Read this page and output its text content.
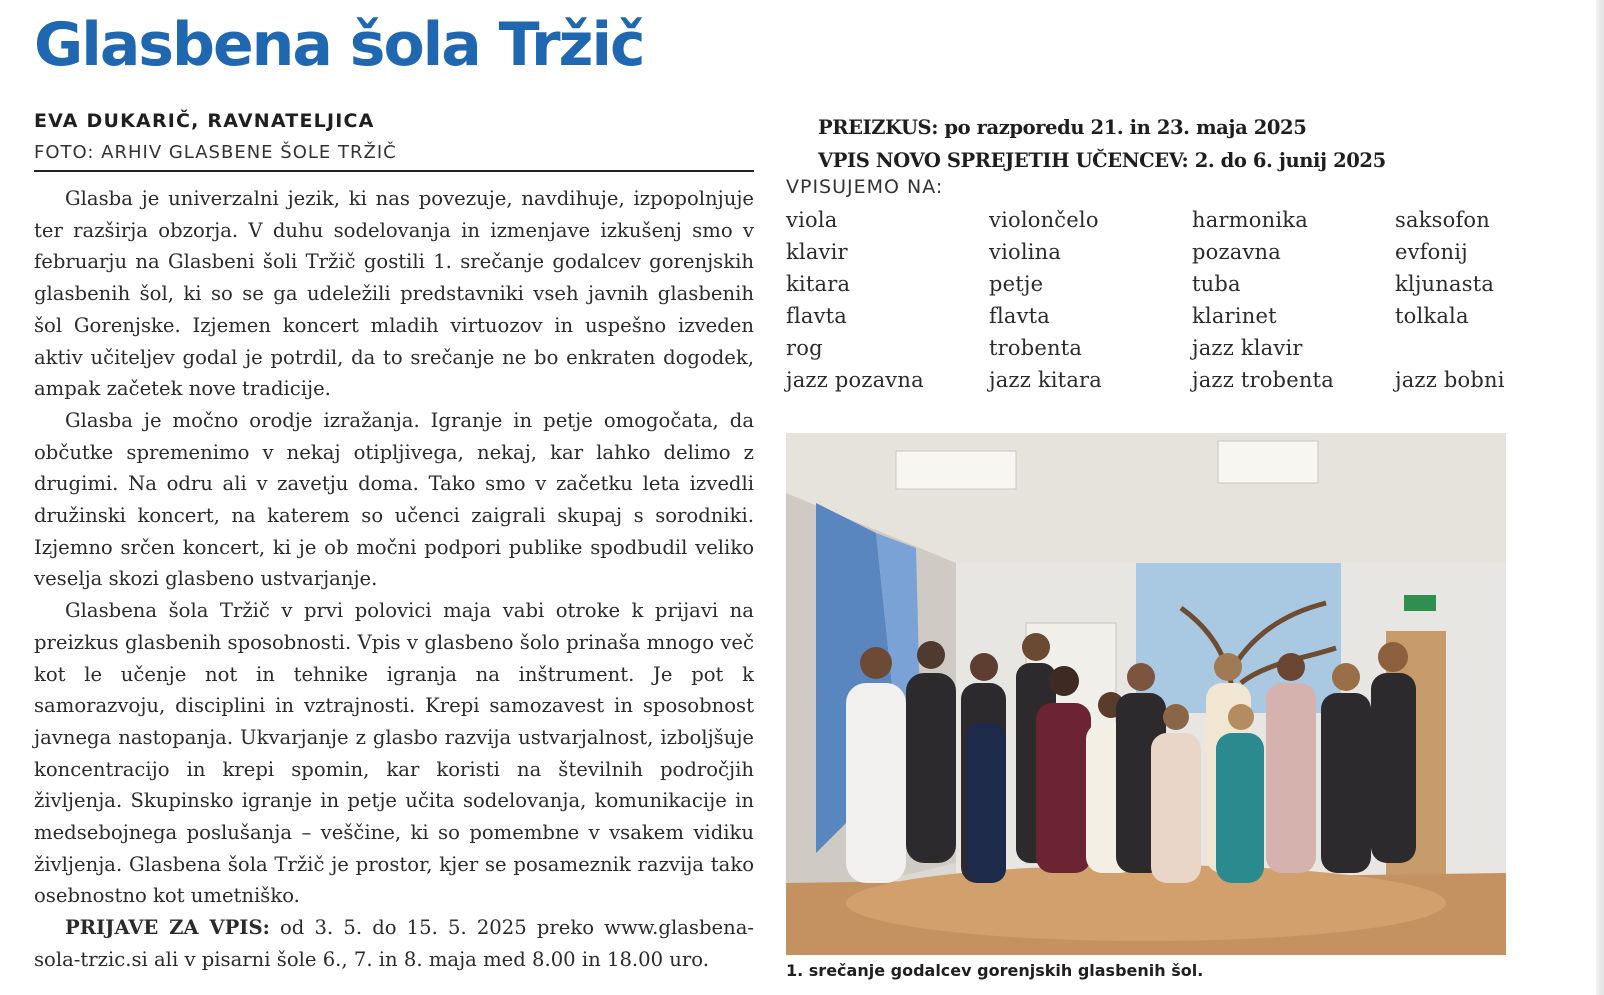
Glasbena šola Tržič
EVA DUKARIČ, RAVNATELJICA
FOTO: ARHIV GLASBENE ŠOLE TRŽIČ

Glasba je univerzalni jezik, ki nas povezuje, navdihuje, izpopolnjuje ter razširja obzorja. V duhu sodelovanja in izmenjave izkušenj smo v februarju na Glasbeni šoli Tržič gostili 1. srečanje godalcev gorenjskih glasbenih šol, ki so se ga udeležili predstavniki vseh javnih glasbenih šol Gorenjske. Izjemen koncert mladih virtuozov in uspešno izveden aktiv učiteljev godal je potrdil, da to srečanje ne bo enkraten dogodek, ampak začetek nove tradicije.

Glasba je močno orodje izražanja. Igranje in petje omogočata, da občutke spremenimo v nekaj otipljivega, nekaj, kar lahko delimo z drugimi. Na odru ali v zavetju doma. Tako smo v začetku leta izvedli družinski koncert, na katerem so učenci zaigrali skupaj s sorodniki. Izjemno srčen koncert, ki je ob močni podpori publike spodbudil veliko veselja skozi glasbeno ustvarjanje.

Glasbena šola Tržič v prvi polovici maja vabi otroke k prijavi na preizkus glasbenih sposobnosti. Vpis v glasbeno šolo prinaša mnogo več kot le učenje not in tehnike igranja na inštrument. Je pot k samorazvoju, disciplini in vztrajnosti. Krepi samozavest in sposobnost javnega nastopanja. Ukvarjanje z glasbo razvija ustvarjalnost, izboljšuje koncentracijo in krepi spomin, kar koristi na številnih področjih življenja. Skupinsko igranje in petje učita sodelovanja, komunikacije in medsebojnega poslušanja – veščine, ki so pomembne v vsakem vidiku življenja. Glasbena šola Tržič je prostor, kjer se posameznik razvija tako osebnostno kot umetniško.

PRIJAVE ZA VPIS: od 3. 5. do 15. 5. 2025 preko www.glasbena-sola-trzic.si ali v pisarni šole 6., 7. in 8. maja med 8.00 in 18.00 uro.

PREIZKUS: po razporedu 21. in 23. maja 2025
VPIS NOVO SPREJETIH UČENCEV: 2. do 6. junij 2025
VPISUJEMO NA:
viola	violončelo	harmonika	saksofon
klavir	violina	pozavna	evfonij
kitara	petje	tuba	kljunasta
flavta	flavta	klarinet	tolkala
rog	trobenta	jazz klavir
jazz pozavna	jazz kitara	jazz trobenta	jazz bobni
1. srečanje godalcev gorenjskih glasbenih šol.
